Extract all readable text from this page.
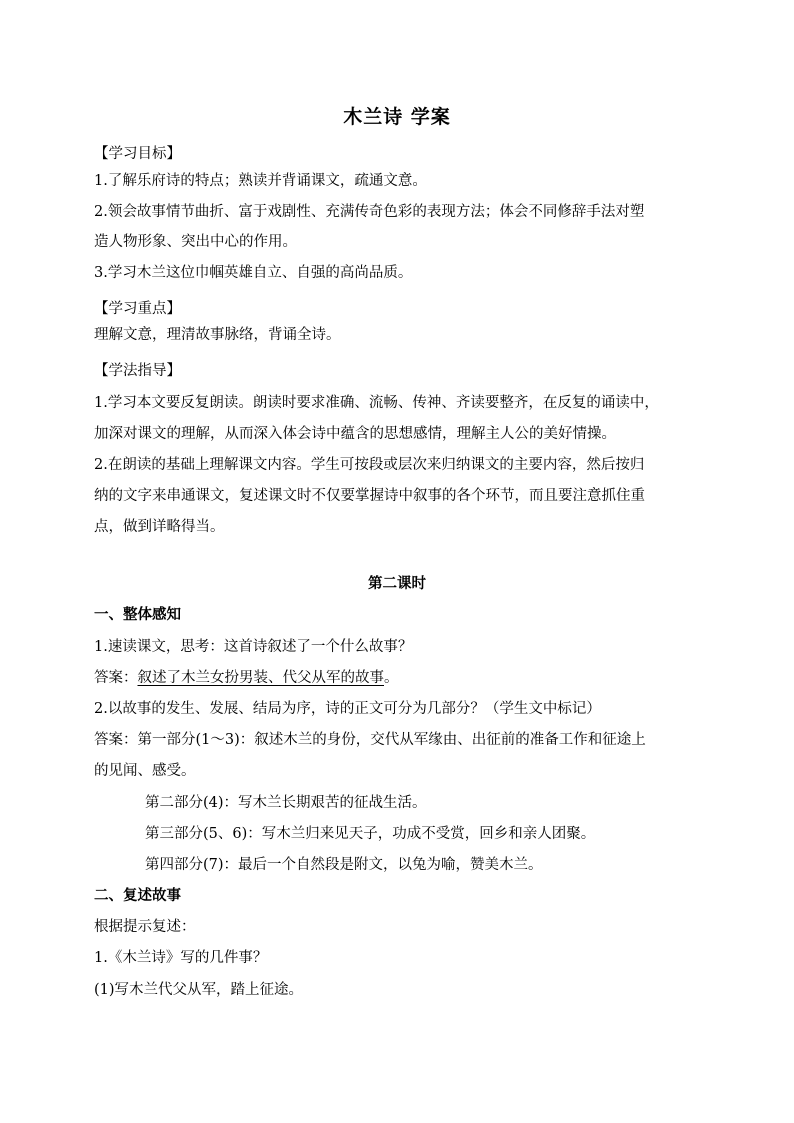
木兰诗 学案
【学习目标】
1.了解乐府诗的特点；熟读并背诵课文，疏通文意。
2.领会故事情节曲折、富于戏剧性、充满传奇色彩的表现方法；体会不同修辞手法对塑
造人物形象、突出中心的作用。
3.学习木兰这位巾帼英雄自立、自强的高尚品质。
【学习重点】
理解文意，理清故事脉络，背诵全诗。
【学法指导】
1.学习本文要反复朗读。朗读时要求准确、流畅、传神、齐读要整齐，在反复的诵读中，
加深对课文的理解，从而深入体会诗中蕴含的思想感情，理解主人公的美好情操。
2.在朗读的基础上理解课文内容。学生可按段或层次来归纳课文的主要内容，然后按归
纳的文字来串通课文，复述课文时不仅要掌握诗中叙事的各个环节，而且要注意抓住重
点，做到详略得当。
第二课时
一、整体感知
1.速读课文，思考：这首诗叙述了一个什么故事？
答案：叙述了木兰女扮男装、代父从军的故事。
2.以故事的发生、发展、结局为序，诗的正文可分为几部分？（学生文中标记）
答案：第一部分(1～3)：叙述木兰的身份，交代从军缘由、出征前的准备工作和征途上
的见闻、感受。
第二部分(4)：写木兰长期艰苦的征战生活。
第三部分(5、6)：写木兰归来见天子，功成不受赏，回乡和亲人团聚。
第四部分(7)：最后一个自然段是附文，以兔为喻，赞美木兰。
二、复述故事
根据提示复述：
1.《木兰诗》写的几件事？
(1)写木兰代父从军，踏上征途。
